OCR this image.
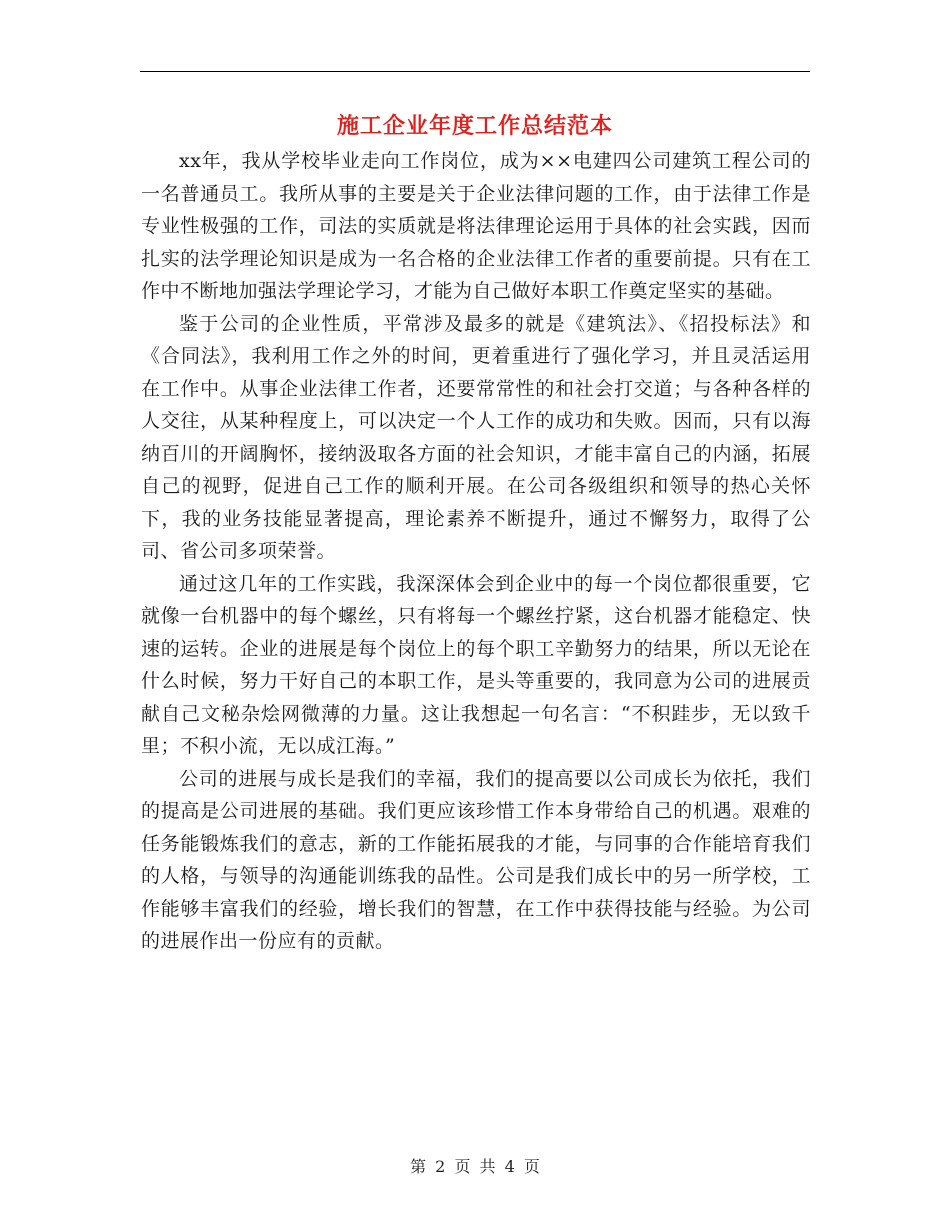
施工企业年度工作总结范本

xx年，我从学校毕业走向工作岗位，成为××电建四公司建筑工程公司的一名普通员工。我所从事的主要是关于企业法律问题的工作，由于法律工作是专业性极强的工作，司法的实质就是将法律理论运用于具体的社会实践，因而扎实的法学理论知识是成为一名合格的企业法律工作者的重要前提。只有在工作中不断地加强法学理论学习，才能为自己做好本职工作奠定坚实的基础。

鉴于公司的企业性质，平常涉及最多的就是《建筑法》、《招投标法》和《合同法》，我利用工作之外的时间，更着重进行了强化学习，并且灵活运用在工作中。从事企业法律工作者，还要常常性的和社会打交道；与各种各样的人交往，从某种程度上，可以决定一个人工作的成功和失败。因而，只有以海纳百川的开阔胸怀，接纳汲取各方面的社会知识，才能丰富自己的内涵，拓展自己的视野，促进自己工作的顺利开展。在公司各级组织和领导的热心关怀下，我的业务技能显著提高，理论素养不断提升，通过不懈努力，取得了公司、省公司多项荣誉。

通过这几年的工作实践，我深深体会到企业中的每一个岗位都很重要，它就像一台机器中的每个螺丝，只有将每一个螺丝拧紧，这台机器才能稳定、快速的运转。企业的进展是每个岗位上的每个职工辛勤努力的结果，所以无论在什么时候，努力干好自己的本职工作，是头等重要的，我同意为公司的进展贡献自己文秘杂烩网微薄的力量。这让我想起一句名言：“不积跬步，无以致千里；不积小流，无以成江海。”

公司的进展与成长是我们的幸福，我们的提高要以公司成长为依托，我们的提高是公司进展的基础。我们更应该珍惜工作本身带给自己的机遇。艰难的任务能锻炼我们的意志，新的工作能拓展我的才能，与同事的合作能培育我们的人格，与领导的沟通能训练我的品性。公司是我们成长中的另一所学校，工作能够丰富我们的经验，增长我们的智慧，在工作中获得技能与经验。为公司的进展作出一份应有的贡献。

第 2 页 共 4 页
